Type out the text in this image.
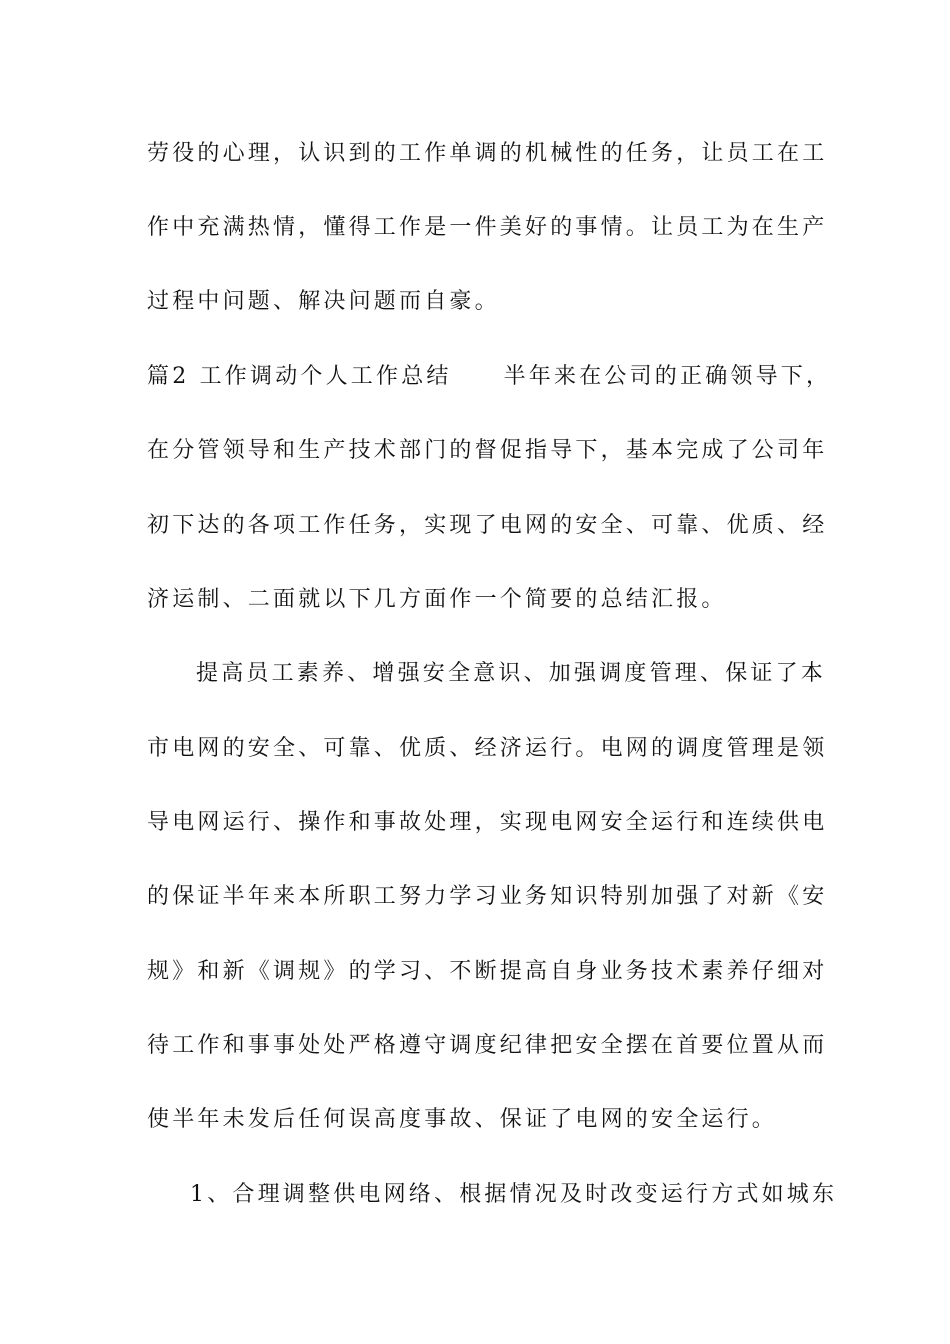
劳役的心理，认识到的工作单调的机械性的任务，让员工在工
作中充满热情，懂得工作是一件美好的事情。让员工为在生产
过程中问题、解决问题而自豪。
篇2 工作调动个人工作总结 半年来在公司的正确领导下，
在分管领导和生产技术部门的督促指导下，基本完成了公司年
初下达的各项工作任务，实现了电网的安全、可靠、优质、经
济运制、二面就以下几方面作一个简要的总结汇报。
提高员工素养、增强安全意识、加强调度管理、保证了本
市电网的安全、可靠、优质、经济运行。电网的调度管理是领
导电网运行、操作和事故处理，实现电网安全运行和连续供电
的保证半年来本所职工努力学习业务知识特别加强了对新《安
规》和新《调规》的学习、不断提高自身业务技术素养仔细对
待工作和事事处处严格遵守调度纪律把安全摆在首要位置从而
使半年未发后任何误高度事故、保证了电网的安全运行。
1、合理调整供电网络、根据情况及时改变运行方式如城东
